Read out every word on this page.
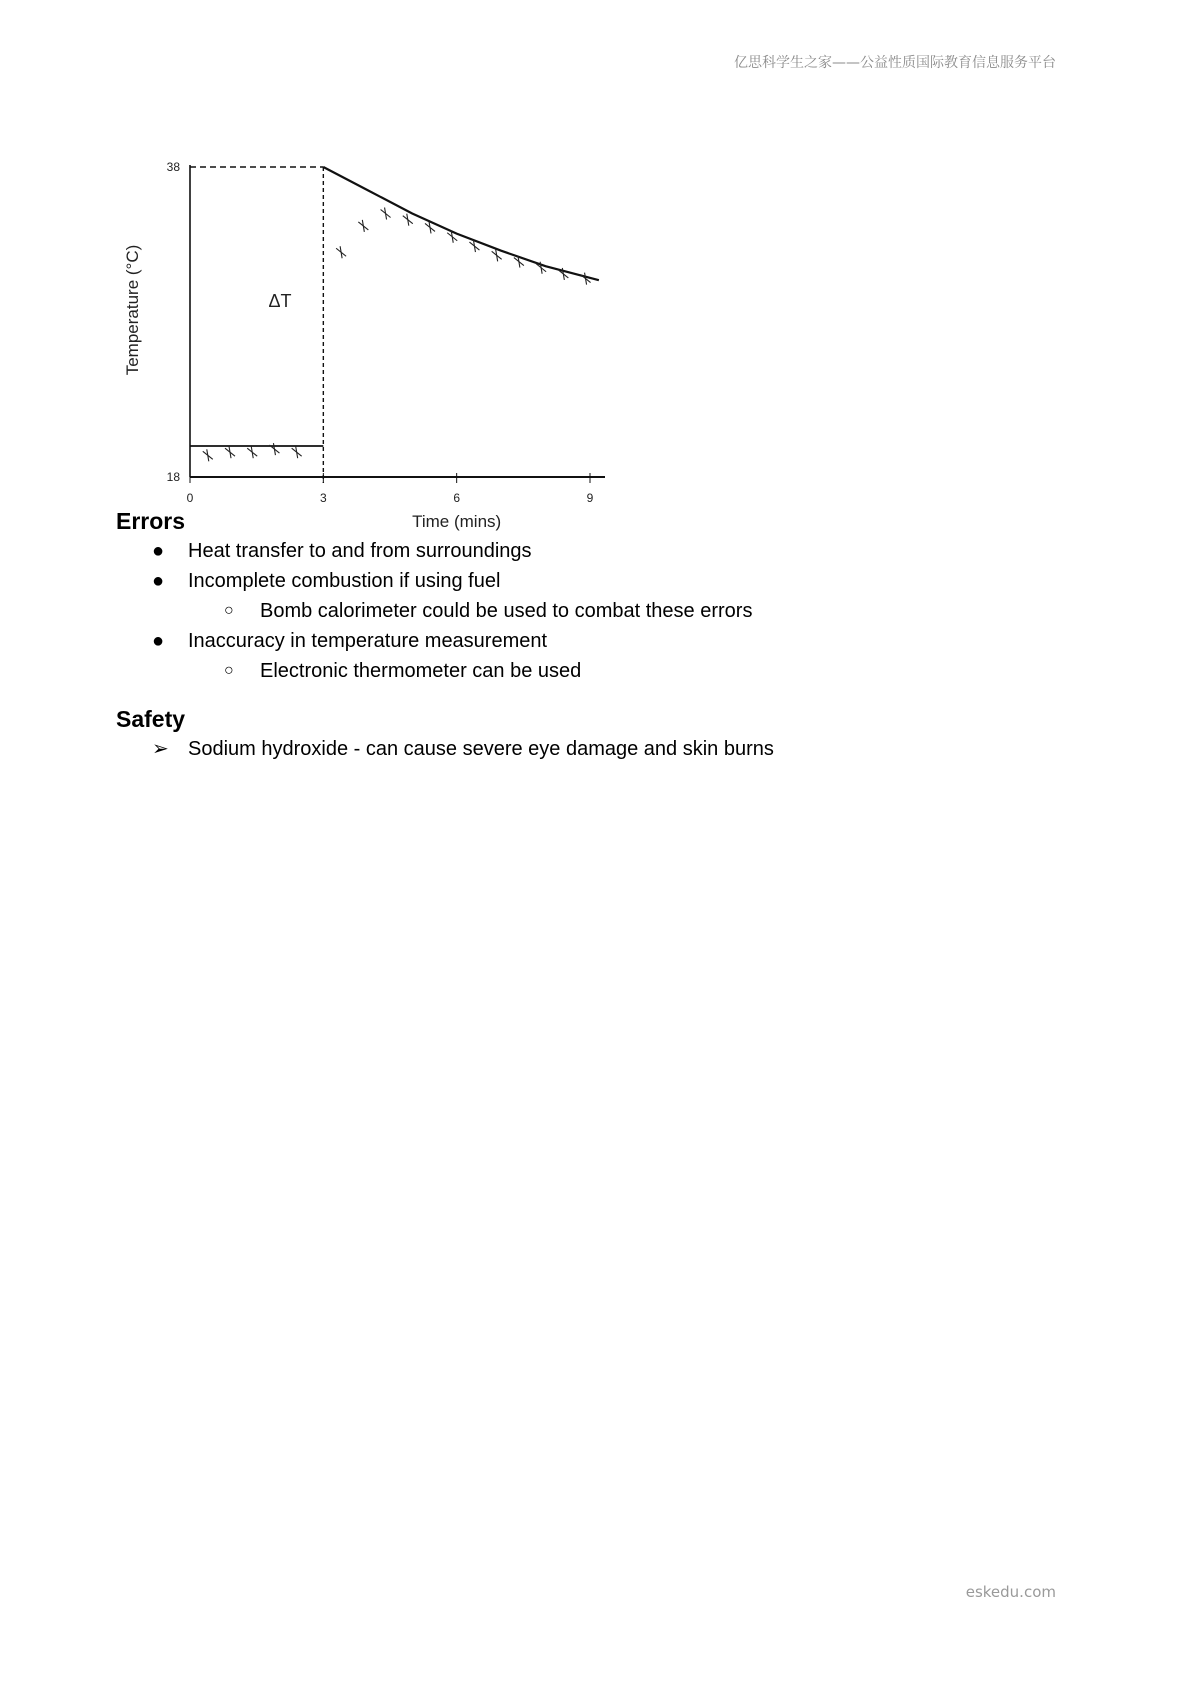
亿思科学生之家——公益性质国际教育信息服务平台
0	3	6	9
18
38
ΔT
Time (mins)
Temperature (°C)
Errors
● Heat transfer to and from surroundings
● Incomplete combustion if using fuel
○ Bomb calorimeter could be used to combat these errors
● Inaccuracy in temperature measurement
○ Electronic thermometer can be used
Safety
➢ Sodium hydroxide - can cause severe eye damage and skin burns
eskedu.com
